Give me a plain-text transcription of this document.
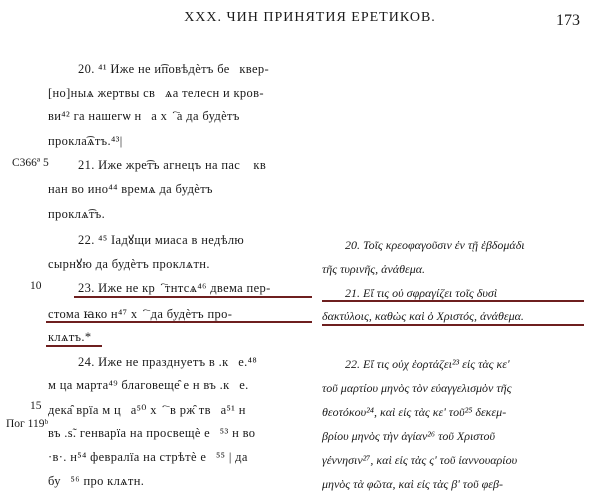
XXX. ЧИН ПРИНЯТИЯ ЕРЕТИКОВ.	173
С366ª 5
10
15
Пог 119ᵇ
20. ⁴¹ Иже не и͡повѣдѐтъ беⷥквер-
[но]ныѧ жертвы свⷭѧа телесн и кров-
ви⁴² га нашегѡ нⷭа хⷭ҇а да будѐтъ
прокла͡ѧтъ.⁴³|
21. Иже жре͡тъ агнецъ на пасⷯ кв
нан во ино⁴⁴ времѧ да будѐтъ
проклѧ͡тъ.
22. ⁴⁵ Іадꙋщи миаса в недѣлю
сырнꙋю да будѐтъ проклѧтн.
23. Иже не крⷭ҇тнтсѧ⁴⁶ двема пер-
стома ꙗко н⁴⁷ хⷭ҇ да будѐтъ про-
клѧтъ.*
24. Иже не празднуетъ в .кⷷе.⁴⁸
м ца марта⁴⁹ благовеще̑ е н въ .кⷷе.
дека̑ врїа м цⷭа⁵⁰ хⷭ҇ в рж̑ твⷭа⁵¹ н
въ .ѕ̃. генварїа на просвещѐ еⷽ⁵³ н во
·в·. н⁵⁴ февралїа на стрѣтѐ еⷪ⁵⁵ | да
буⷣ⁵⁶ про клѧтн.
20. Τοῖς κρεοφαγοῦσιν ἐν τῇ ἑβδομάδι
τῆς τυρινῆς, ἀνάθεμα.
21. Εἴ τις οὐ σφραγίζει τοῖς δυσὶ
δακτύλοις, καθὼς καὶ ὁ Χριστός, ἀνάθεμα.
22. Εἴ τις οὐχ ἑορτάζει²³ εἰς τὰς κεʹ
τοῦ μαρτίου μηνὸς τὸν εὐαγγελισμὸν τῆς
θεοτόκου²⁴, καὶ εἰς τὰς κεʹ τοῦ²⁵ δεκεμ-
βρίου μηνὸς τὴν ἁγίαν²⁶ τοῦ Χριστοῦ
γέννησιν²⁷, καὶ εἰς τὰς ςʹ τοῦ ἰαννουαρίου
μηνὸς τὰ φῶτα, καὶ εἰς τὰς βʹ τοῦ φεβ-
